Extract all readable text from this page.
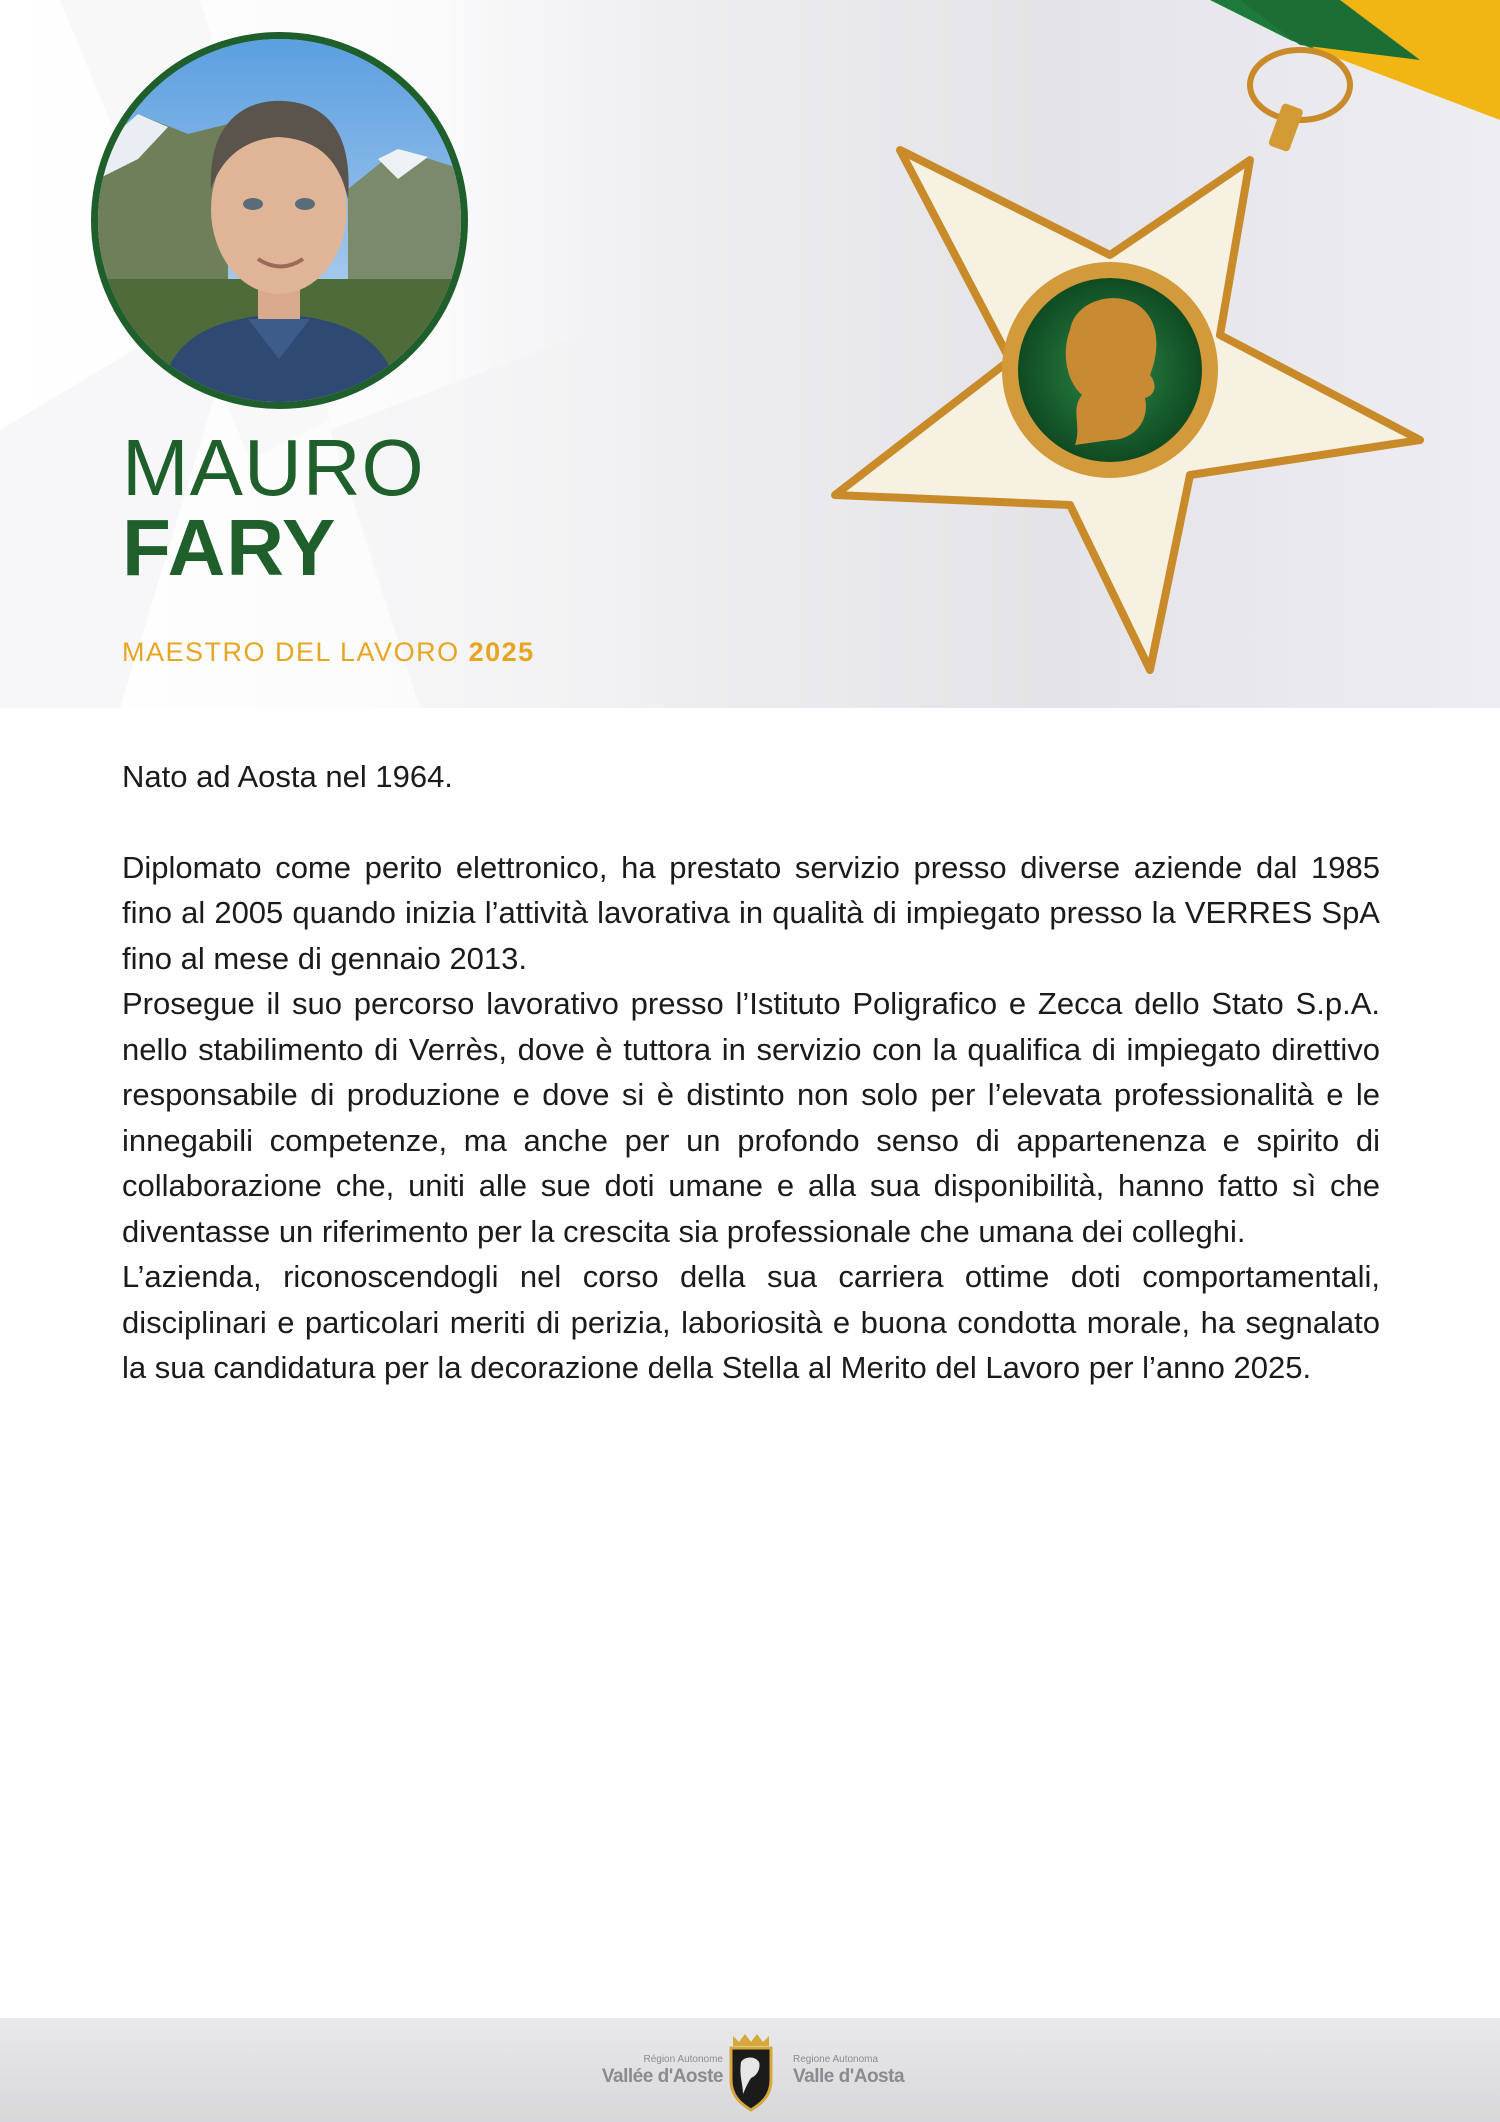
MAURO
FARY
MAESTRO DEL LAVORO 2025

Nato ad Aosta nel 1964.

Diplomato come perito elettronico, ha prestato servizio presso diverse aziende dal 1985 fino al 2005 quando inizia l’attività lavorativa in qualità di impiegato presso la VERRES SpA fino al mese di gennaio 2013.

Prosegue il suo percorso lavorativo presso l’Istituto Poligrafico e Zecca dello Stato S.p.A. nello stabilimento di Verrès, dove è tuttora in servizio con la qualifica di impiegato direttivo responsabile di produzione e dove si è distinto non solo per l’elevata professionalità e le innegabili competenze, ma anche per un profondo senso di appartenenza e spirito di collaborazione che, uniti alle sue doti umane e alla sua disponibilità, hanno fatto sì che diventasse un riferimento per la crescita sia professionale che umana dei colleghi.

L’azienda, riconoscendogli nel corso della sua carriera ottime doti comportamentali, disciplinari e particolari meriti di perizia, laboriosità e buona condotta morale, ha segnalato la sua candidatura per la decorazione della Stella al Merito del Lavoro per l’anno 2025.

Région Autonome
Vallée d'Aoste
Regione Autonoma
Valle d'Aosta
